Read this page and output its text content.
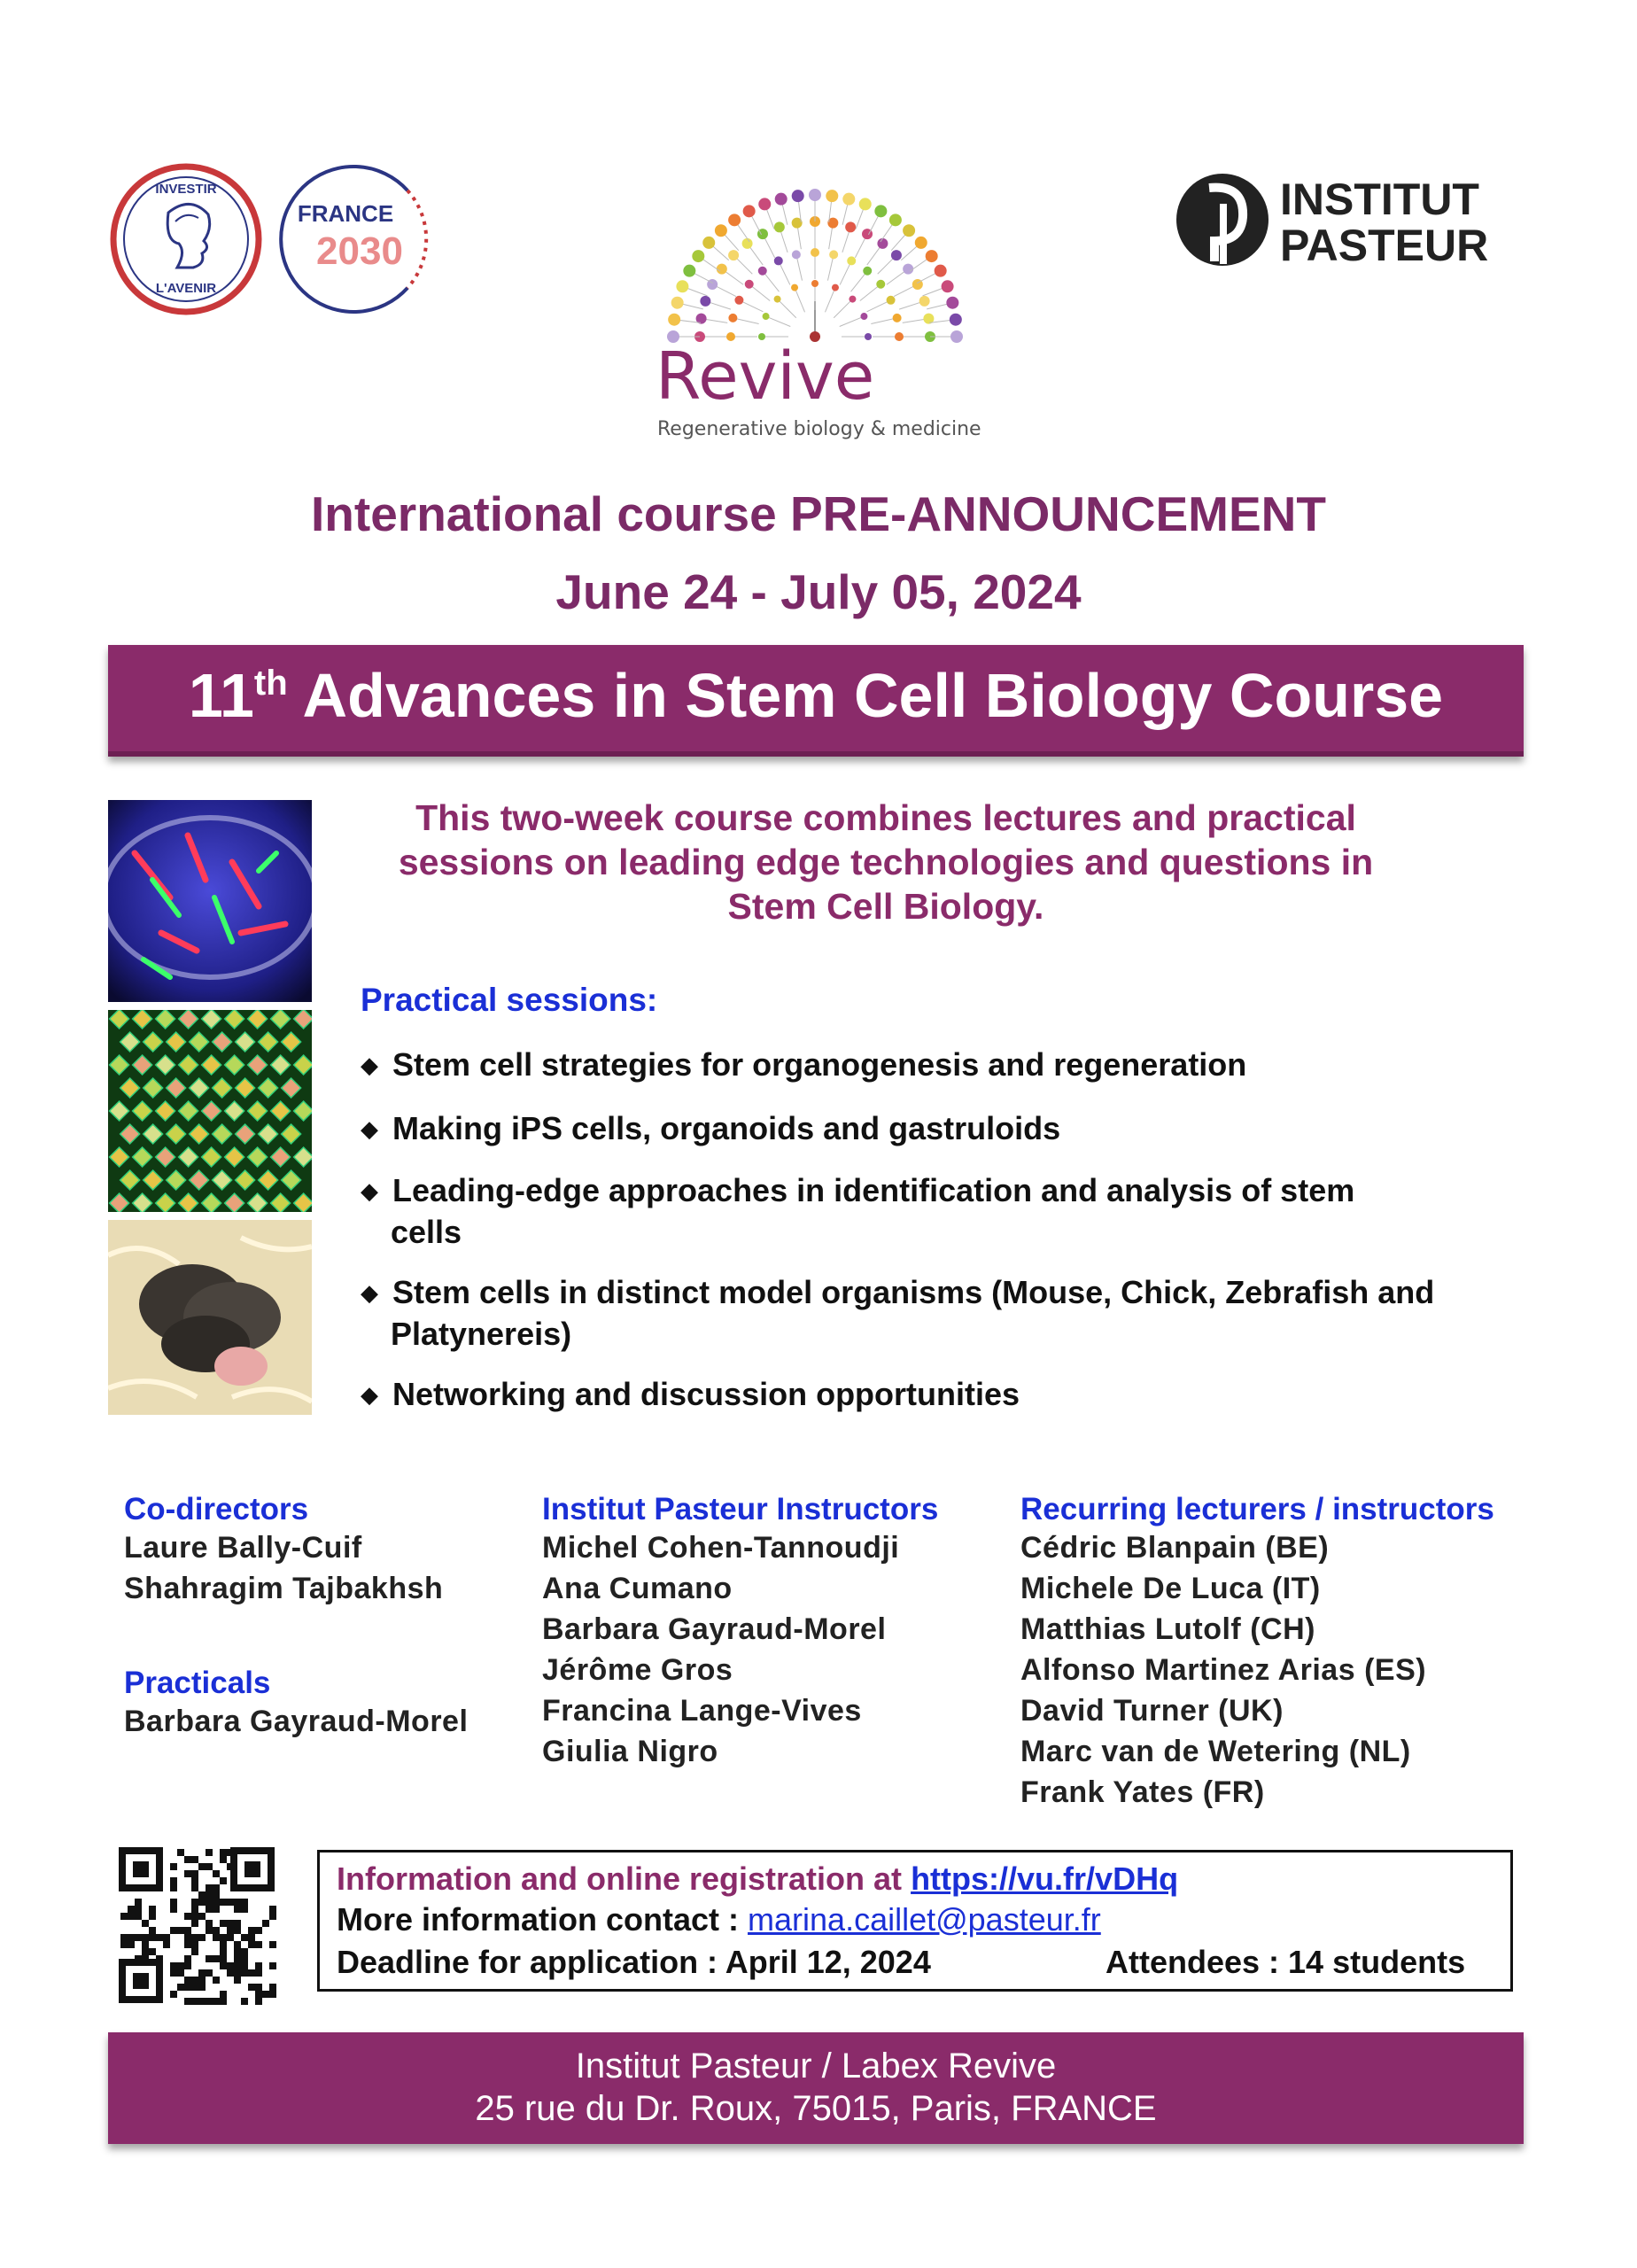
INVESTIR
L'AVENIR
FRANCE
2030
Revive
Regenerative biology & medicine
INSTITUT
PASTEUR
International course PRE-ANNOUNCEMENT
June 24 - July 05, 2024
11th Advances in Stem Cell Biology Course
This two-week course combines lectures and practical
sessions on leading edge technologies and questions in
Stem Cell Biology.
Practical sessions:
◆ Stem cell strategies for organogenesis and regeneration
◆ Making iPS cells, organoids and gastruloids
◆ Leading-edge approaches in identification and analysis of stem
cells
◆ Stem cells in distinct model organisms (Mouse, Chick, Zebrafish and
Platynereis)
◆ Networking and discussion opportunities
Co-directors
Laure Bally-Cuif
Shahragim Tajbakhsh
Practicals
Barbara Gayraud-Morel
Institut Pasteur Instructors
Michel Cohen-Tannoudji
Ana Cumano
Barbara Gayraud-Morel
Jérôme Gros
Francina Lange-Vives
Giulia Nigro
Recurring lecturers / instructors
Cédric Blanpain (BE)
Michele De Luca (IT)
Matthias Lutolf (CH)
Alfonso Martinez Arias (ES)
David Turner (UK)
Marc van de Wetering (NL)
Frank Yates (FR)
Information and online registration at https://vu.fr/vDHq
More information contact : marina.caillet@pasteur.fr
Deadline for application : April 12, 2024	Attendees : 14 students
Institut Pasteur / Labex Revive
25 rue du Dr. Roux, 75015, Paris, FRANCE
